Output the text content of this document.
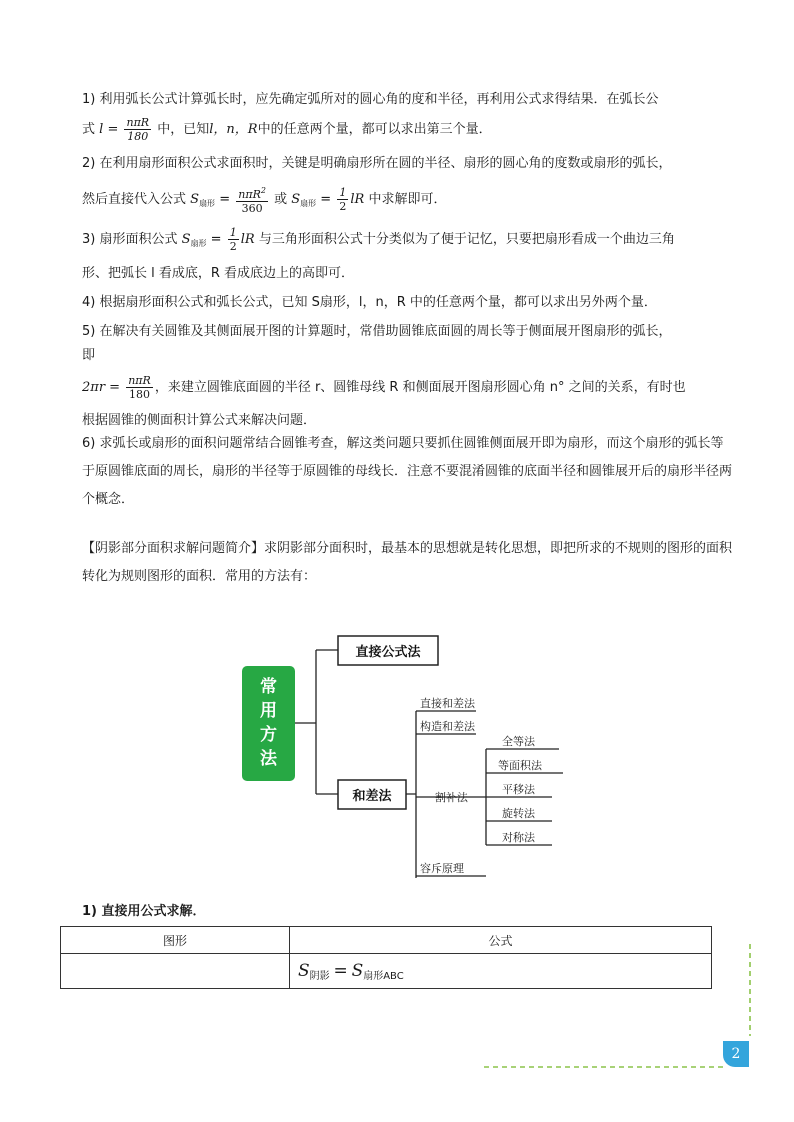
1) 利用弧长公式计算弧长时，应先确定弧所对的圆心角的度和半径，再利用公式求得结果．在弧长公
式 $l = \frac{\text{nπR}}{180}$ 中，已知l，n，R中的任意两个量，都可以求出第三个量．
2) 在利用扇形面积公式求面积时，关键是明确扇形所在圆的半径、扇形的圆心角的度数或扇形的弧长，
然后直接代入公式 $S_{扇形} = \frac{n\pi R^2}{360}$ 或 $S_{扇形} = \frac{1}{2}$ lR 中求解即可．
3) 扇形面积公式 $S_{扇形} = \frac{1}{2}$ lR 与三角形面积公式十分类似为了便于记忆，只要把扇形看成一个曲边三角
形、把弧长 l 看成底，R 看成底边上的高即可．
4) 根据扇形面积公式和弧长公式，已知 S扇形，l，n，R 中的任意两个量，都可以求出另外两个量．
5) 在解决有关圆锥及其侧面展开图的计算题时，常借助圆锥底面圆的周长等于侧面展开图扇形的弧长，
即
$2\pi r = \frac{\text{nπR}}{180}$ ，来建立圆锥底面圆的半径 r、圆锥母线 R 和侧面展开图扇形圆心角 n° 之间的关系，有时也
根据圆锥的侧面积计算公式来解决问题．
6) 求弧长或扇形的面积问题常结合圆锥考查，解这类问题只要抓住圆锥侧面展开即为扇形，而这个扇形的弧长等于原圆锥底面的周长，扇形的半径等于原圆锥的母线长．注意不要混淆圆锥的底面半径和圆锥展开后的扇形半径两个概念．
【阴影部分面积求解问题简介】求阴影部分面积时，最基本的思想就是转化思想，即把所求的不规则的图形的面积转化为规则图形的面积．常用的方法有：
常
用
方
法
直接公式法
和差法
直接和差法
构造和差法
割补法
容斥原理
全等法
等面积法
平移法
旋转法
对称法
1) 直接用公式求解．
图形	公式
	$S_{阴影} = S_{扇形ABC}$
2
